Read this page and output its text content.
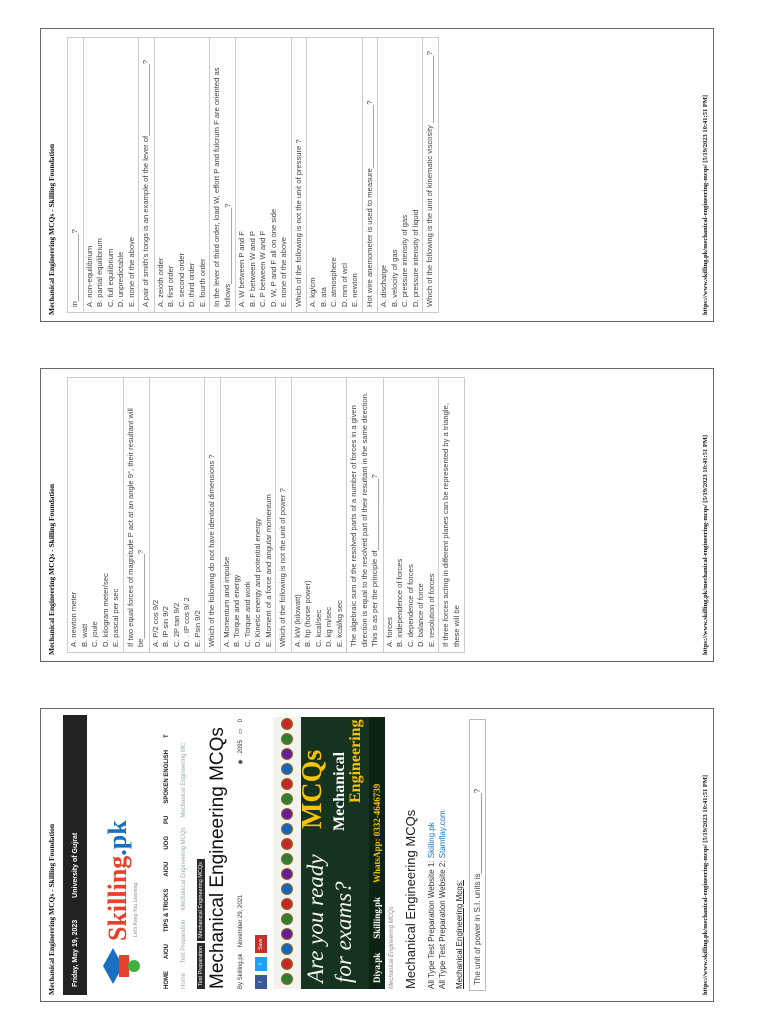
Mechanical Engineering MCQs - Skilling Foundation Friday, May 19, 2023
University of Gujrat Skilling.pk
Let's Keep You Learning
HOME
AIOU
TIPS & TRICKS
AIOU
UOG
PU
SPOKEN ENGLISH
T
Home Test Preparation Mechanical Engineering MCQs Mechanical Engineering MC
Test Preparation
Mechanical Engineering MCQs Mechanical Engineering MCQs By Skilling.pk
November 29, 2021
◉
2095
▭
0
f
t
Save Are you ready
MCQs
for exams?
Mechanical Engineering
Diya.pk
Skilling.pk
WhatsApp: 0332-4646739
Mechanical Engineering MCQs Mechanical Engineering MCQs All Type Test Preparation Website 1: Skilling.pk
All Type Test Preparation Website 2: Stamflay.com
Mechanical Engineering Mcqs:	The unit of power in S.I. units is__________________?	https://www.skilling.pk/mechanical-engineering-mcqs/ [5/19/2023 10:41:51 PM]
Mechanical Engineering MCQs - Skilling Foundation A. newton meter B. watt C. joule D. kilogram meter/sec E. pascal per sec If two equal forces of magnitude P act at an angle 9°, their resultant will be____________________? A. P/2 cos 9/2 B. IP sin 9/2 C. 2P tan 9/2 D. . IP cos 9/ 2 E. Psin 9/2 Which of the following do not have identical dimensions ? A. Momentum and impulse B. Torque and energy C. Torque and work D. Kinetic energy and potential energy E. Moment of a force and angular momentum Which of the following is not the unit of power ? A. kW (kilowatt) B. hp (horse power) C. kcal/sec D. kg m/sec E. kcal/kg sec The algebraic sum of the resolved parts of a number of forces in a given direction is equal to the resolved part of their resultant in the same direction. This is as per the principle of_________________? A. forces B. independence of forces C. dependence of forces D. balance of force E. resolution of forces If three forces acting in different planes can be represented by a triangle, these will be	https://www.skilling.pk/mechanical-engineering-mcqs/ [5/19/2023 10:41:51 PM]
Mechanical Engineering MCQs - Skilling Foundation	in________________? A. non-equilibrium B. partial equilibrium C. full equilibrium D. unpredictable E. none of the above A pair of smith's tongs is an example of the lever of_________________? A. zeioth order B. first order C. second order D. third order E. fourth order In the lever of third order, load W, effort P and fulcrum F are oriented as follows__________________? A. W between P and F B. F between W and P C. P between W and F D. W, P and F all on one side E. none of the above Which of the following is not the unit of pressure ? A. kg/cm B. ata C. atmosphere D. mm of wcl E. newton Hot wire anemometer is used to measure_______________? A. discharge B. velocity of gas C. pressure intensity of gas D. pressure intensity of liquid Which of the following is the unit of kinematic viscosity ________________?	https://www.skilling.pk/mechanical-engineering-mcqs/ [5/19/2023 10:41:51 PM]
